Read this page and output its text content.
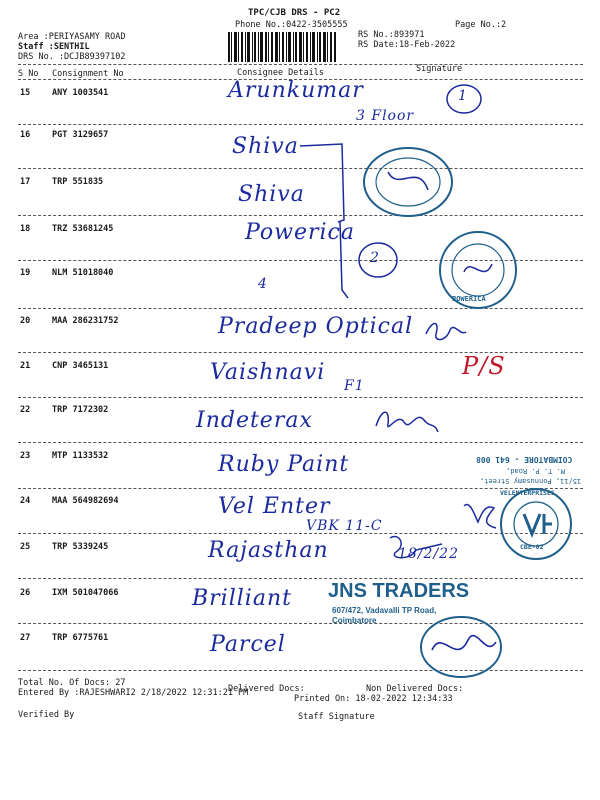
TPC/CJB DRS - PC2
Phone No.:0422-3505555	Page No.:2
Area :PERIYASAMY ROAD
Staff :SENTHIL
DRS No. :DCJB89397102
RS No.:893971
RS Date:18-Feb-2022
S No Consignment No	Consignee Details	Signature
15	ANY 1003541	Arunkumar
16	PGT 3129657	Shiva
17	TRP 551835	Shiva
18	TRZ 53681245	Powerica
19	NLM 51018040
20	MAA 286231752	Pradeep Optical
21	CNP 3465131	Vaishnavi
22	TRP 7172302	Indeterax
23	MTP 1133532	Ruby Paint
24	MAA 564982694	Vel Enter
25	TRP 5339245	Rajasthan
26	IXM 501047066	Brilliant
27	TRP 6775761	Parcel
3 Floor
1
4
2
F1
P/S
VBK 11-C
18/2/22
POWERICA
COIMBATORE - 641 008
M. T. P. Road,
15/11, Ponnusamy Street,
VELENTERPRISES
CBE-02
JNS TRADERS
607/472, Vadavalli TP Road,
Coimbatore
Total No. Of Docs: 27
Delivered Docs:	Non Delivered Docs:
Entered By :RAJESHWARI2 2/18/2022 12:31:21 PM
Printed On: 18-02-2022 12:34:33
Verified By	Staff Signature
